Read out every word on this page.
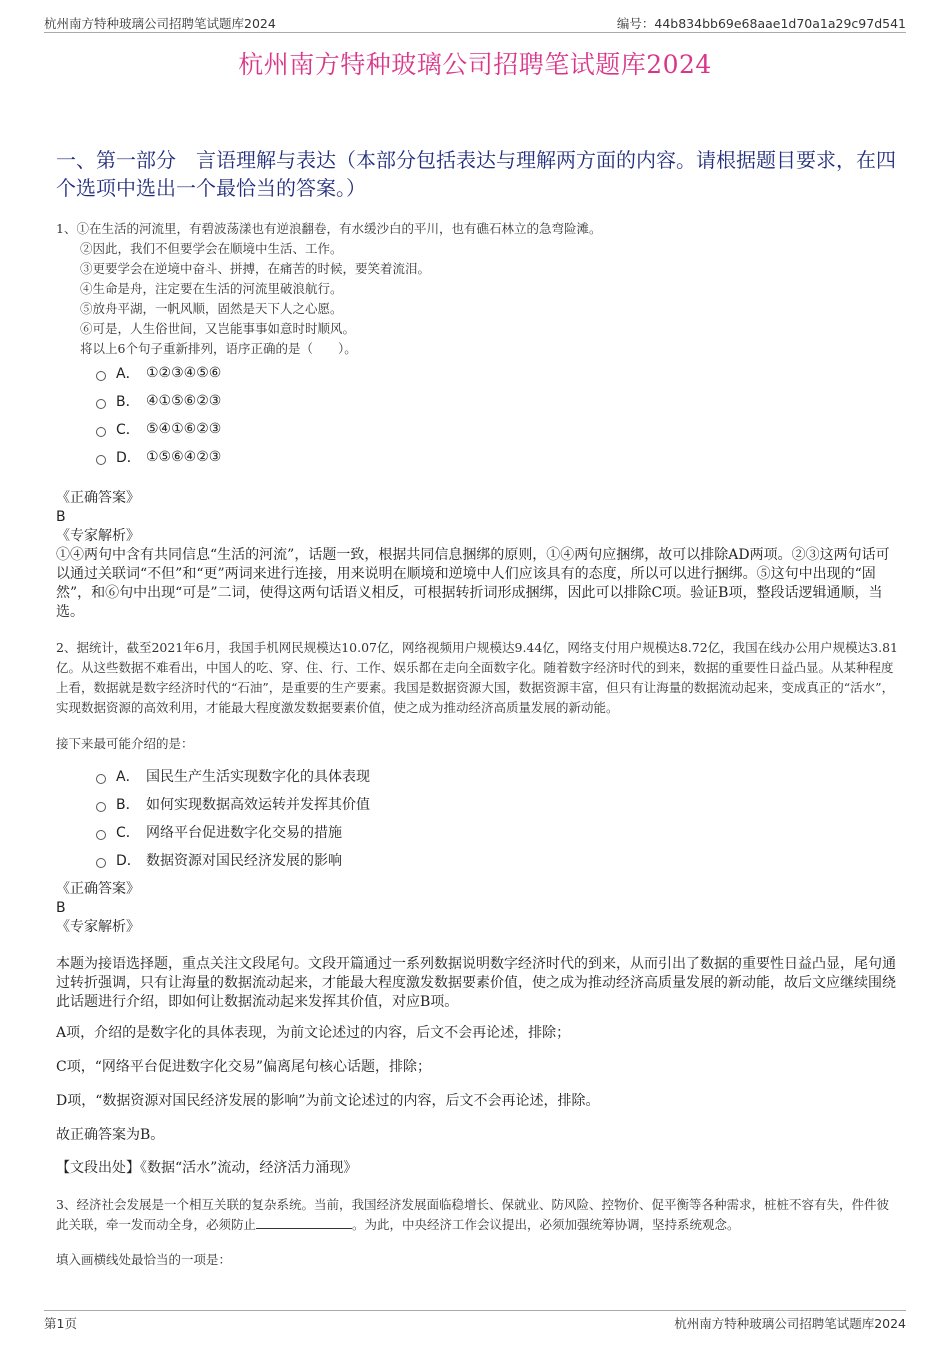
杭州南方特种玻璃公司招聘笔试题库2024	编号：44b834bb69e68aae1d70a1a29c97d541
杭州南方特种玻璃公司招聘笔试题库2024
一、第一部分　言语理解与表达（本部分包括表达与理解两方面的内容。请根据题目要求，在四个选项中选出一个最恰当的答案。）
1、①在生活的河流里，有碧波荡漾也有逆浪翻卷，有水缓沙白的平川，也有礁石林立的急弯险滩。
②因此，我们不但要学会在顺境中生活、工作。
③更要学会在逆境中奋斗、拼搏，在痛苦的时候，要笑着流泪。
④生命是舟，注定要在生活的河流里破浪航行。
⑤放舟平湖，一帆风顺，固然是天下人之心愿。
⑥可是，人生俗世间，又岂能事事如意时时顺风。
将以上6个句子重新排列，语序正确的是（　　）。
A． ①②③④⑤⑥
B． ④①⑤⑥②③
C． ⑤④①⑥②③
D． ①⑤⑥④②③
《正确答案》
B
《专家解析》
①④两句中含有共同信息“生活的河流”，话题一致，根据共同信息捆绑的原则，①④两句应捆绑，故可以排除AD两项。②③这两句话可以通过关联词“不但”和“更”两词来进行连接，用来说明在顺境和逆境中人们应该具有的态度，所以可以进行捆绑。⑤这句中出现的“固然”，和⑥句中出现“可是”二词，使得这两句话语义相反，可根据转折词形成捆绑，因此可以排除C项。验证B项，整段话逻辑通顺，当选。
2、据统计，截至2021年6月，我国手机网民规模达10.07亿，网络视频用户规模达9.44亿，网络支付用户规模达8.72亿，我国在线办公用户规模达3.81亿。从这些数据不难看出，中国人的吃、穿、住、行、工作、娱乐都在走向全面数字化。随着数字经济时代的到来，数据的重要性日益凸显。从某种程度上看，数据就是数字经济时代的“石油”，是重要的生产要素。我国是数据资源大国，数据资源丰富，但只有让海量的数据流动起来，变成真正的“活水”，实现数据资源的高效利用，才能最大程度激发数据要素价值，使之成为推动经济高质量发展的新动能。
接下来最可能介绍的是：
A． 国民生产生活实现数字化的具体表现
B． 如何实现数据高效运转并发挥其价值
C． 网络平台促进数字化交易的措施
D． 数据资源对国民经济发展的影响
《正确答案》
B
《专家解析》
本题为接语选择题，重点关注文段尾句。文段开篇通过一系列数据说明数字经济时代的到来，从而引出了数据的重要性日益凸显，尾句通过转折强调，只有让海量的数据流动起来，才能最大程度激发数据要素价值，使之成为推动经济高质量发展的新动能，故后文应继续围绕此话题进行介绍，即如何让数据流动起来发挥其价值，对应B项。
A项，介绍的是数字化的具体表现，为前文论述过的内容，后文不会再论述，排除；
C项，“网络平台促进数字化交易”偏离尾句核心话题，排除；
D项，“数据资源对国民经济发展的影响”为前文论述过的内容，后文不会再论述，排除。
故正确答案为B。
【文段出处】《数据“活水”流动，经济活力涌现》
3、经济社会发展是一个相互关联的复杂系统。当前，我国经济发展面临稳增长、保就业、防风险、控物价、促平衡等各种需求，桩桩不容有失，件件彼此关联，牵一发而动全身，必须防止	。为此，中央经济工作会议提出，必须加强统筹协调，坚持系统观念。
填入画横线处最恰当的一项是：
第1页	杭州南方特种玻璃公司招聘笔试题库2024
